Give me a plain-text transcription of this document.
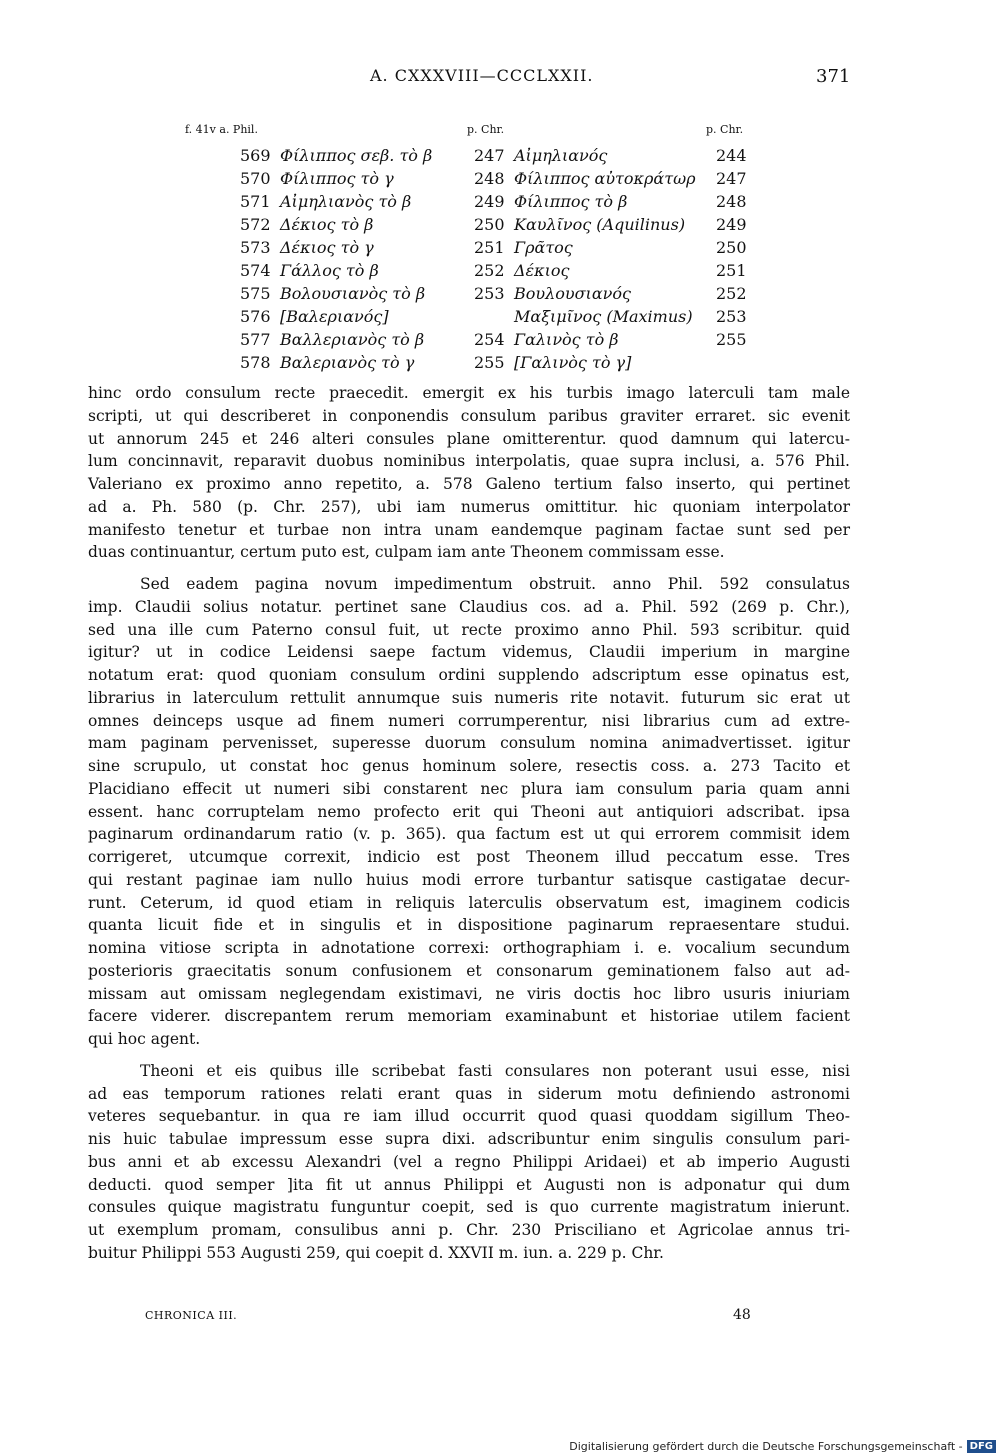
A. CXXXVIII—CCCLXXII.	371
f. 41v a. Phil.	p. Chr.	p. Chr.
569 Φίλιππος σεβ. τὸ β	247 Αἰμηλιανός	244
570 Φίλιππος τὸ γ	248 Φίλιππος αὐτοκράτωρ 247
571 Αἰμηλιανὸς τὸ β	249 Φίλιππος τὸ β	248
572 Δέκιος τὸ β	250 Καυλῖνος (Aquilinus) 249
573 Δέκιος τὸ γ	251 Γρᾶτος	250
574 Γάλλος τὸ β	252 Δέκιος	251
575 Βολουσιανὸς τὸ β	253 Βουλουσιανός	252
576 [Βαλεριανός]	Μαξιμῖνος (Maximus) 253
577 Βαλλεριανὸς τὸ β	254 Γαλινὸς τὸ β	255
578 Βαλεριανὸς τὸ γ	255 [Γαλινὸς τὸ γ]
hinc ordo consulum recte praecedit. emergit ex his turbis imago laterculi tam male
scripti, ut qui describeret in conponendis consulum paribus graviter erraret. sic evenit
ut annorum 245 et 246 alteri consules plane omitterentur. quod damnum qui latercu-
lum concinnavit, reparavit duobus nominibus interpolatis, quae supra inclusi, a. 576 Phil.
Valeriano ex proximo anno repetito, a. 578 Galeno tertium falso inserto, qui pertinet
ad a. Ph. 580 (p. Chr. 257), ubi iam numerus omittitur. hic quoniam interpolator
manifesto tenetur et turbae non intra unam eandemque paginam factae sunt sed per
duas continuantur, certum puto est, culpam iam ante Theonem commissam esse.
Sed eadem pagina novum impedimentum obstruit. anno Phil. 592 consulatus
imp. Claudii solius notatur. pertinet sane Claudius cos. ad a. Phil. 592 (269 p. Chr.),
sed una ille cum Paterno consul fuit, ut recte proximo anno Phil. 593 scribitur. quid
igitur? ut in codice Leidensi saepe factum videmus, Claudii imperium in margine
notatum erat: quod quoniam consulum ordini supplendo adscriptum esse opinatus est,
librarius in laterculum rettulit annumque suis numeris rite notavit. futurum sic erat ut
omnes deinceps usque ad finem numeri corrumperentur, nisi librarius cum ad extre-
mam paginam pervenisset, superesse duorum consulum nomina animadvertisset. igitur
sine scrupulo, ut constat hoc genus hominum solere, resectis coss. a. 273 Tacito et
Placidiano effecit ut numeri sibi constarent nec plura iam consulum paria quam anni
essent. hanc corruptelam nemo profecto erit qui Theoni aut antiquiori adscribat. ipsa
paginarum ordinandarum ratio (v. p. 365). qua factum est ut qui errorem commisit idem
corrigeret, utcumque correxit, indicio est post Theonem illud peccatum esse. Tres
qui restant paginae iam nullo huius modi errore turbantur satisque castigatae decur-
runt. Ceterum, id quod etiam in reliquis laterculis observatum est, imaginem codicis
quanta licuit fide et in singulis et in dispositione paginarum repraesentare studui.
nomina vitiose scripta in adnotatione correxi: orthographiam i. e. vocalium secundum
posterioris graecitatis sonum confusionem et consonarum geminationem falso aut ad-
missam aut omissam neglegendam existimavi, ne viris doctis hoc libro usuris iniuriam
facere viderer. discrepantem rerum memoriam examinabunt et historiae utilem facient
qui hoc agent.
Theoni et eis quibus ille scribebat fasti consulares non poterant usui esse, nisi
ad eas temporum rationes relati erant quas in siderum motu definiendo astronomi
veteres sequebantur. in qua re iam illud occurrit quod quasi quoddam sigillum Theo-
nis huic tabulae impressum esse supra dixi. adscribuntur enim singulis consulum pari-
bus anni et ab excessu Alexandri (vel a regno Philippi Aridaei) et ab imperio Augusti
deducti. quod semper ]ita fit ut annus Philippi et Augusti non is adponatur qui dum
consules quique magistratu funguntur coepit, sed is quo currente magistratum inierunt.
ut exemplum promam, consulibus anni p. Chr. 230 Prisciliano et Agricolae annus tri-
buitur Philippi 553 Augusti 259, qui coepit d. XXVII m. iun. a. 229 p. Chr.
CHRONICA III.	48
Digitalisierung gefördert durch die Deutsche Forschungsgemeinschaft - DFG
